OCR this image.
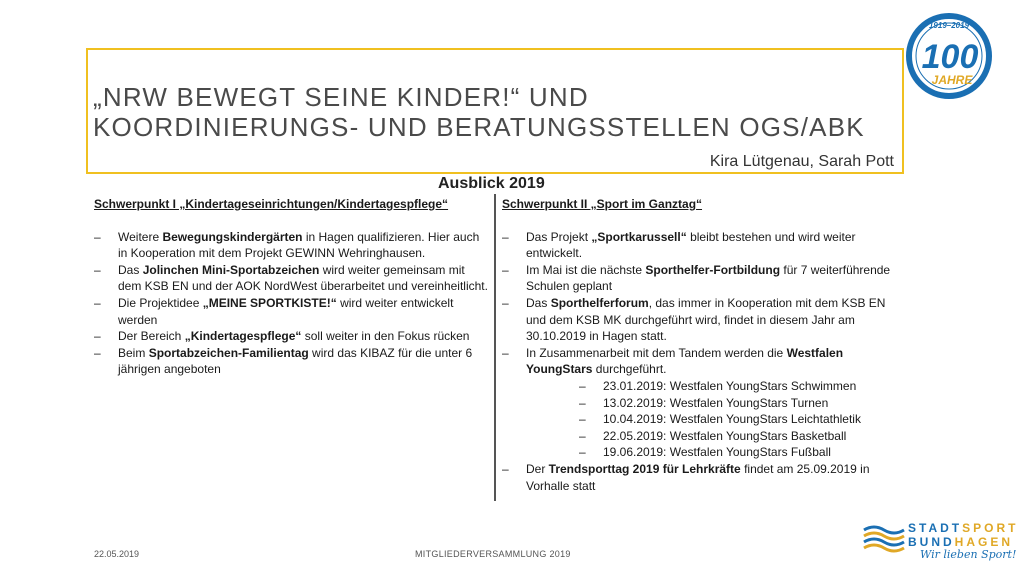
„NRW BEWEGT SEINE KINDER!“ UND
KOORDINIERUNGS- UND BERATUNGSSTELLEN OGS/ABK
Kira Lütgenau, Sarah Pott
Ausblick 2019
1919–2019
100
JAHRE
Schwerpunkt I „Kindertageseinrichtungen/Kindertagespflege“
– Weitere Bewegungskindergärten in Hagen qualifizieren. Hier auch in Kooperation mit dem Projekt GEWINN Wehringhausen.
– Das Jolinchen Mini-Sportabzeichen wird weiter gemeinsam mit dem KSB EN und der AOK NordWest überarbeitet und vereinheitlicht.
– Die Projektidee „MEINE SPORTKISTE!“ wird weiter entwickelt werden
– Der Bereich „Kindertagespflege“ soll weiter in den Fokus rücken
– Beim Sportabzeichen-Familientag wird das KIBAZ für die unter 6 jährigen angeboten
Schwerpunkt II „Sport im Ganztag“
– Das Projekt „Sportkarussell“ bleibt bestehen und wird weiter entwickelt.
– Im Mai ist die nächste Sporthelfer-Fortbildung für 7 weiterführende Schulen geplant
– Das Sporthelferforum, das immer in Kooperation mit dem KSB EN und dem KSB MK durchgeführt wird, findet in diesem Jahr am 30.10.2019 in Hagen statt.
– In Zusammenarbeit mit dem Tandem werden die Westfalen YoungStars durchgeführt.
– 23.01.2019: Westfalen YoungStars Schwimmen
– 13.02.2019: Westfalen YoungStars Turnen
– 10.04.2019: Westfalen YoungStars Leichtathletik
– 22.05.2019: Westfalen YoungStars Basketball
– 19.06.2019: Westfalen YoungStars Fußball
– Der Trendsporttag 2019 für Lehrkräfte findet am 25.09.2019 in Vorhalle statt
22.05.2019	MITGLIEDERVERSAMMLUNG 2019
STADTSPORT
BUNDHAGEN
Wir lieben Sport!
